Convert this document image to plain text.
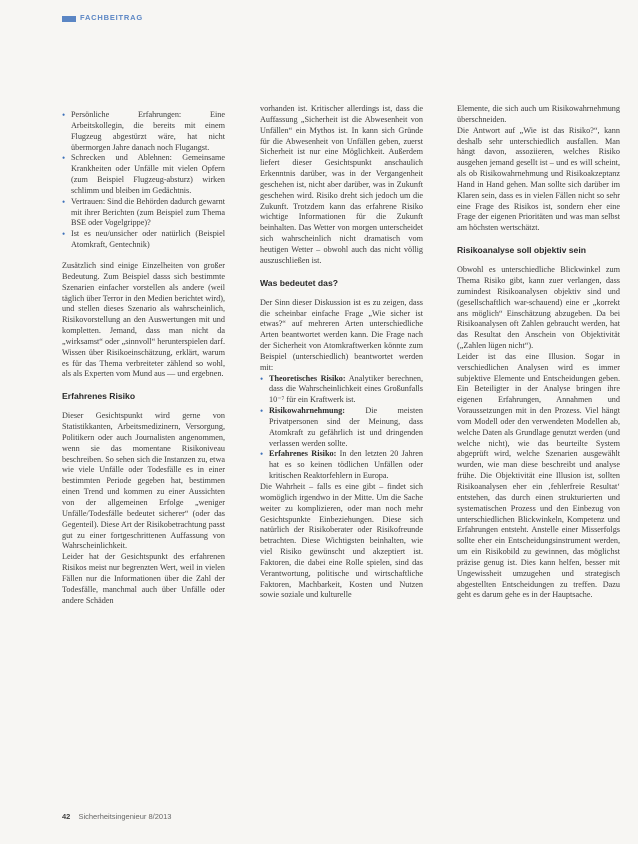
FACHBEITRAG
• Persönliche Erfahrungen: Eine Arbeitskollegin, die bereits mit einem Flugzeug abgestürzt wäre, hat nicht übermorgen Jahre danach noch Flugangst.
• Schrecken und Ablehnen: Gemeinsame Krankheiten oder Unfälle mit vielen Opfern (zum Beispiel Flugzeug-absturz) wirken schlimm und bleiben im Gedächtnis.
• Vertrauen: Sind die Behörden dadurch gewarnt mit ihrer Berichten (zum Beispiel zum Thema BSE oder Vogelgrippe)?
• Ist es neu/unsicher oder natürlich (Beispiel Atomkraft, Gentechnik)

Zusätzlich sind einige Einzelheiten von großer Bedeutung. Zum Beispiel dasss sich bestimmte Szenarien einfacher vorstellen als andere (weil täglich über Terror in den Medien berichtet wird), und stellen dieses Szenario als wahrscheinlich, Risikovorstellung an den Auswertungen mit und kompletten. Jemand, dass man nicht da „wirksamst“ oder „sinnvoll“ herunterspielen darf. Wissen über Risikoeinschätzung, erklärt, warum es für das Thema verbreiteter zählend so wohl, als als Experten vom Mund aus — und ergebnen.

Erfahrenes Risiko

Dieser Gesichtspunkt wird gerne von Statistikkanten, Arbeitsmedizinern, Versorgung, Politikern oder auch Journalisten angenommen, wenn sie das momentane Risikoniveau beschreiben. So sehen sich die Instanzen zu, etwa wie viele Unfälle oder Todesfälle es in einer bestimmten Periode gegeben hat, bestimmen einen Trend und kommen zu einer Aussichten von der allgemeinen Erfolge „weniger Unfälle/Todesfälle bedeutet sicherer“ (oder das Gegenteil). Diese Art der Risikobetrachtung passt gut zu einer fortgeschrittenen Auffassung von Wahrscheinlichkeit.

Leider hat der Gesichtspunkt des erfahrenen Risikos meist nur begrenzten Wert, weil in vielen Fällen nur die Informationen über die Zahl der Todesfälle, manchmal auch über Unfälle oder andere Schäden

vorhanden ist. Kritischer allerdings ist, dass die Auffassung „Sicherheit ist die Abwesenheit von Unfällen“ ein Mythos ist. In kann sich Gründe für die Abwesenheit von Unfällen geben, zuerst Sicherheit ist nur eine Möglichkeit. Außerdem liefert dieser Gesichtspunkt anschaulich Erkenntnis darüber, was in der Vergangenheit geschehen ist, nicht aber darüber, was in Zukunft geschehen wird. Risiko dreht sich jedoch um die Zukunft. Trotzdem kann das erfahrene Risiko wichtige Informationen für die Zukunft beinhalten. Das Wetter von morgen unterscheidet sich wahrscheinlich nicht dramatisch vom heutigen Wetter – obwohl auch das nicht völlig auszuschließen ist.

Was bedeutet das?

Der Sinn dieser Diskussion ist es zu zeigen, dass die scheinbar einfache Frage „Wie sicher ist etwas?“ auf mehreren Arten unterschiedliche Arten beantwortet werden kann. Die Frage nach der Sicherheit von Atomkraftwerken könnte zum Beispiel (unterschiedlich) beantwortet werden mit:

• Theoretisches Risiko: Analytiker berechnen, dass die Wahrscheinlichkeit eines Großunfalls 10⁻⁷ für ein Kraftwerk ist.
• Risikowahrnehmung: Die meisten Privatpersonen sind der Meinung, dass Atomkraft zu gefährlich ist und dringenden verlassen werden sollte.
• Erfahrenes Risiko: In den letzten 20 Jahren hat es so keinen tödlichen Unfällen oder kritischen Reaktorfehlern in Europa.

Die Wahrheit – falls es eine gibt – findet sich womöglich irgendwo in der Mitte. Um die Sache weiter zu komplizieren, oder man noch mehr Gesichtspunkte Einbeziehungen. Diese sich natürlich der Risikoberater oder Risikofreunde betrachten. Diese Wichtigsten beinhalten, wie viel Risiko gewünscht und akzeptiert ist. Faktoren, die dabei eine Rolle spielen, sind das Verantwortung, politische und wirtschaftliche Faktoren, Machbarkeit, Kosten und Nutzen sowie soziale und kulturelle

Elemente, die sich auch um Risikowahrnehmung überschneiden.

Die Antwort auf „Wie ist das Risiko?“, kann deshalb sehr unterschiedlich ausfallen. Man hängt davon, assoziieren, welches Risiko ausgehen jemand gesellt ist – und es will scheint, als ob Risikowahrnehmung und Risikoakzeptanz Hand in Hand gehen. Man sollte sich darüber im Klaren sein, dass es in vielen Fällen nicht so sehr eine Frage des Risikos ist, sondern eher eine Frage der eigenen Prioritäten und was man selbst am höchsten wertschätzt.

Risikoanalyse soll objektiv sein

Obwohl es unterschiedliche Blickwinkel zum Thema Risiko gibt, kann zuer verlangen, dass zumindest Risikoanalysen objektiv sind und (gesellschaftlich war-schauend) eine er „korrekt ans möglich“ Einschätzung abzugeben. Da bei Risikoanalysen oft Zahlen gebraucht werden, hat das Resultat den Anschein von Objektivität („Zahlen lügen nicht“).

Leider ist das eine Illusion. Sogar in verschiedlichen Analysen wird es immer subjektive Elemente und Entscheidungen geben. Ein Beteiligter in der Analyse bringen ihre eigenen Erfahrungen, Annahmen und Voraussetzungen mit in den Prozess. Viel hängt vom Modell oder den verwendeten Modellen ab, welche Daten als Grundlage genutzt werden (und welche nicht), wie das beurteilte System abgeprüft wird, welche Szenarien ausgewählt wurden, wie man diese beschreibt und analyse frühe. Die Objektivität eine Illusion ist, sollten Risikoanalysen eher ein ‚fehlerfreie Resultat‘ entstehen, das durch einen strukturierten und systematischen Prozess und den Einbezug von unterschiedlichen Blickwinkeln, Kompetenz und Erfahrungen entsteht. Anstelle einer Misserfolgs sollte eher ein Entscheidungsinstrument werden, um ein Risikobild zu gewinnen, das möglichst präzise genug ist. Dies kann helfen, besser mit Ungewissheit umzugehen und strategisch abgestellten Entscheidungen zu treffen. Dazu geht es darum gehe es in der Hauptsache.

42 Sicherheitsingenieur 8/2013
